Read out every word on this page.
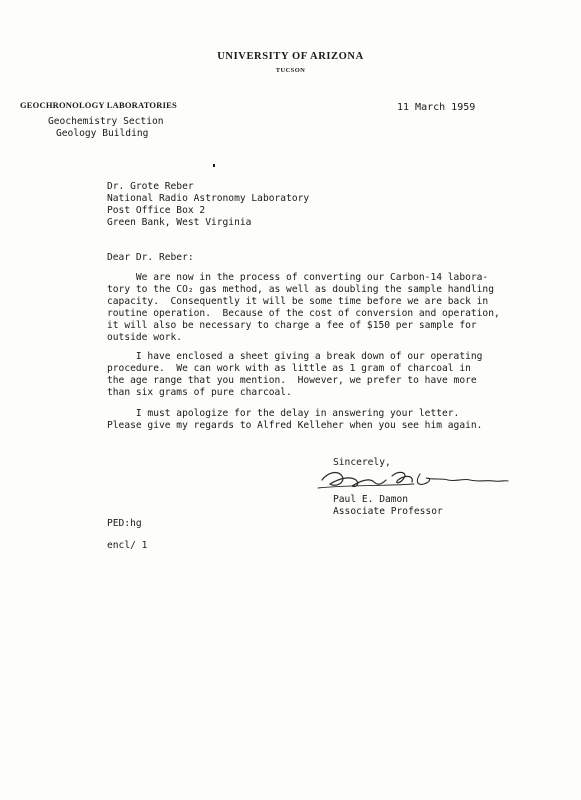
UNIVERSITY OF ARIZONA
TUCSON
GEOCHRONOLOGY LABORATORIES
Geochemistry Section
Geology Building
11 March 1959
Dr. Grote Reber
National Radio Astronomy Laboratory
Post Office Box 2
Green Bank, West Virginia
Dear Dr. Reber:
We are now in the process of converting our Carbon-14 labora-
tory to the CO₂ gas method, as well as doubling the sample handling
capacity.  Consequently it will be some time before we are back in
routine operation.  Because of the cost of conversion and operation,
it will also be necessary to charge a fee of $150 per sample for
outside work.
I have enclosed a sheet giving a break down of our operating
procedure.  We can work with as little as 1 gram of charcoal in
the age range that you mention.  However, we prefer to have more
than six grams of pure charcoal.
I must apologize for the delay in answering your letter.
Please give my regards to Alfred Kelleher when you see him again.
Sincerely,
Paul E. Damon
Associate Professor
PED:hg
encl/ 1
